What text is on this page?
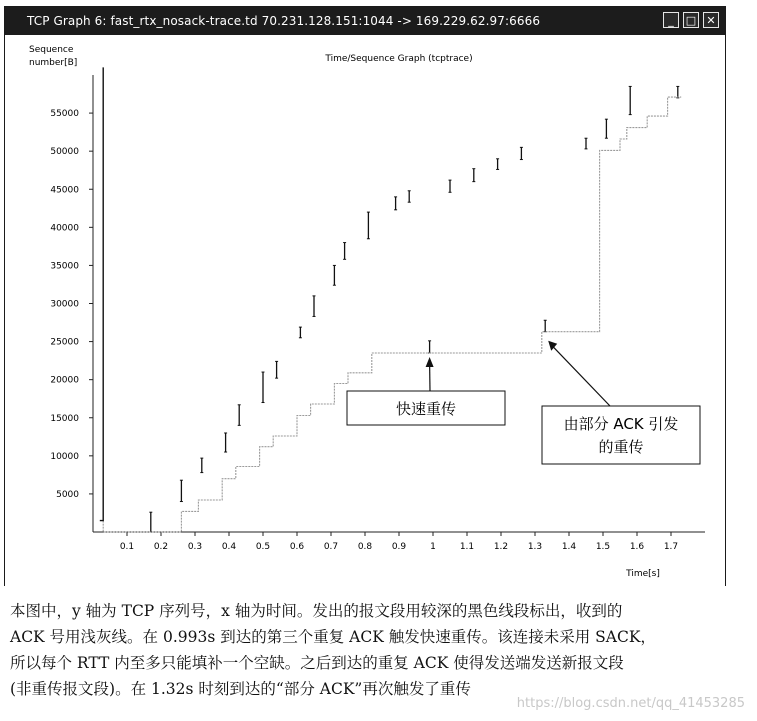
TCP Graph 6: fast_rtx_nosack-trace.td 70.231.128.151:1044 -> 169.229.62.97:6666	_	□ ✕
Sequence
number[B]	Time/Sequence Graph (tcptrace)
Time[s]
0.1 0.2 0.3 0.4 0.5 0.6 0.7 0.8 0.9	1	1.1 1.2 1.3 1.4 1.5 1.6 1.7
5000
10000
15000
20000
25000
30000
35000
40000
45000
50000
55000
快速重传
由部分 ACK 引发
的重传

本图中，y 轴为 TCP 序列号，x 轴为时间。发出的报文段用较深的黑色线段标出，收到的

ACK 号用浅灰线。在 0.993s 到达的第三个重复 ACK 触发快速重传。该连接未采用 SACK，

所以每个 RTT 内至多只能填补一个空缺。之后到达的重复 ACK 使得发送端发送新报文段

(非重传报文段)。在 1.32s 时刻到达的“部分 ACK”再次触发了重传

https://blog.csdn.net/qq_41453285
